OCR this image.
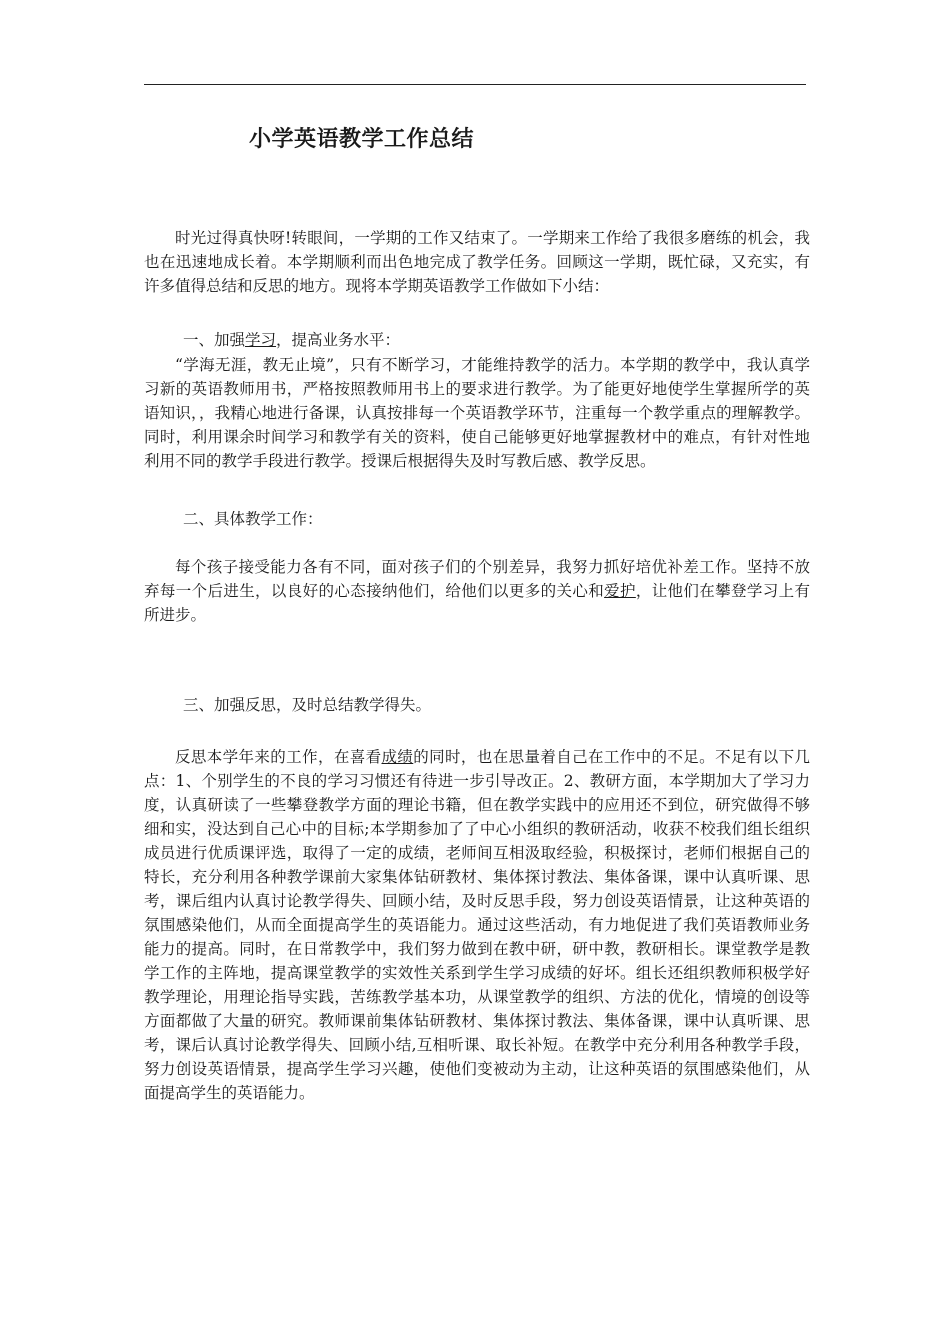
小学英语教学工作总结
时光过得真快呀!转眼间，一学期的工作又结束了。一学期来工作给了我很多磨练的机会，我也在迅速地成长着。本学期顺利而出色地完成了教学任务。回顾这一学期，既忙碌，又充实，有许多值得总结和反思的地方。现将本学期英语教学工作做如下小结：
一、加强学习，提高业务水平：
“学海无涯，教无止境”，只有不断学习，才能维持教学的活力。本学期的教学中，我认真学习新的英语教师用书，严格按照教师用书上的要求进行教学。为了能更好地使学生掌握所学的英语知识，，我精心地进行备课，认真按排每一个英语教学环节，注重每一个教学重点的理解教学。同时，利用课余时间学习和教学有关的资料，使自己能够更好地掌握教材中的难点，有针对性地利用不同的教学手段进行教学。授课后根据得失及时写教后感、教学反思。
二、具体教学工作：
每个孩子接受能力各有不同，面对孩子们的个别差异，我努力抓好培优补差工作。坚持不放弃每一个后进生，以良好的心态接纳他们，给他们以更多的关心和爱护，让他们在攀登学习上有所进步。
三、加强反思，及时总结教学得失。
反思本学年来的工作，在喜看成绩的同时，也在思量着自己在工作中的不足。不足有以下几点：1、个别学生的不良的学习习惯还有待进一步引导改正。2、教研方面，本学期加大了学习力度，认真研读了一些攀登教学方面的理论书籍，但在教学实践中的应用还不到位，研究做得不够细和实，没达到自己心中的目标;本学期参加了了中心小组织的教研活动，收获不校我们组长组织成员进行优质课评选，取得了一定的成绩，老师间互相汲取经验，积极探讨，老师们根据自己的特长，充分利用各种教学课前大家集体钻研教材、集体探讨教法、集体备课，课中认真听课、思考，课后组内认真讨论教学得失、回顾小结，及时反思手段，努力创设英语情景，让这种英语的氛围感染他们，从而全面提高学生的英语能力。通过这些活动，有力地促进了我们英语教师业务能力的提高。同时，在日常教学中，我们努力做到在教中研，研中教，教研相长。课堂教学是教学工作的主阵地，提高课堂教学的实效性关系到学生学习成绩的好坏。组长还组织教师积极学好教学理论，用理论指导实践，苦练教学基本功，从课堂教学的组织、方法的优化，情境的创设等方面都做了大量的研究。教师课前集体钻研教材、集体探讨教法、集体备课，课中认真听课、思考，课后认真讨论教学得失、回顾小结,互相听课、取长补短。在教学中充分利用各种教学手段，努力创设英语情景，提高学生学习兴趣，使他们变被动为主动，让这种英语的氛围感染他们，从面提高学生的英语能力。
